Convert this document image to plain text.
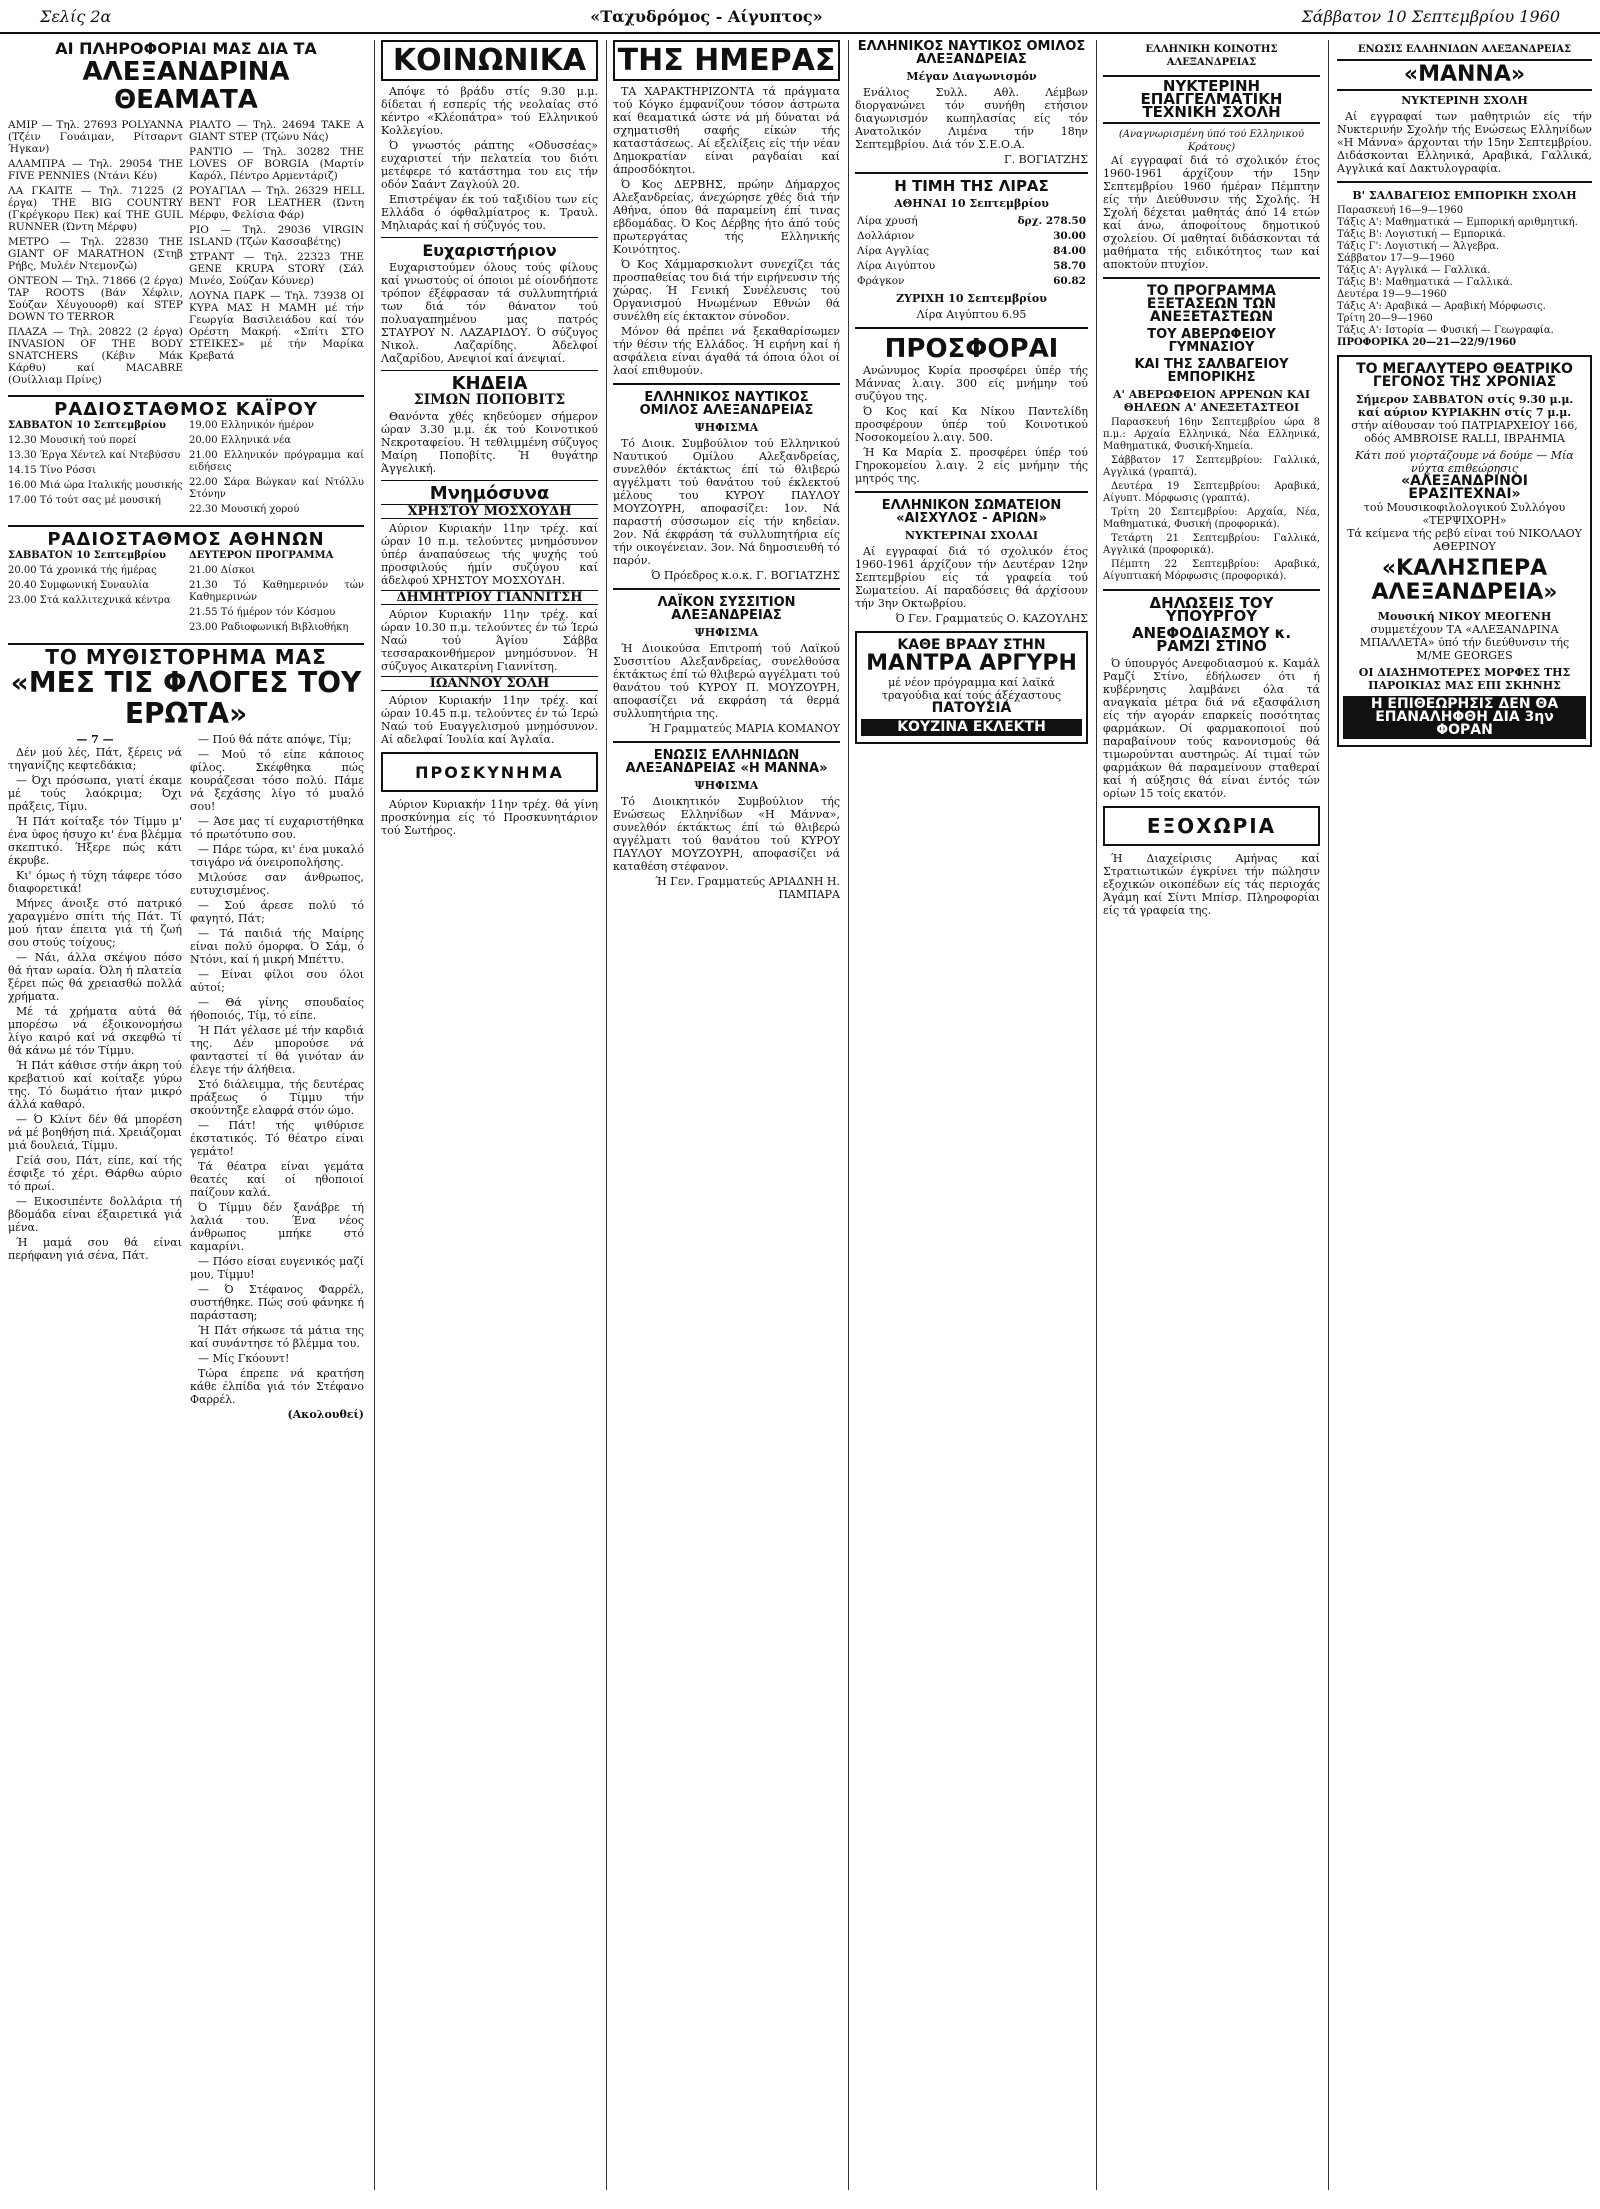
Σελίς 2α	«Ταχυδρόμος - Αίγυπτος»	Σάββατον 10 Σεπτεμβρίου 1960
ΑΙ ΠΛΗΡΟΦΟΡΙΑΙ ΜΑΣ ΔΙΑ ΤΑ
ΑΛΕΞΑΝΔΡΙΝΑ ΘΕΑΜΑΤΑ

ΑΜΙΡ — Τηλ. 27693 POLYANNA (Τζέιν Γουάιμαν, Ρίτσαρντ Ήγκαν)

ΑΛΑΜΠΡΑ — Τηλ. 29054 THE FIVE PENNIES (Ντάνι Κέυ)

ΛΑ ΓΚΑΙΤΕ — Τηλ. 71225 (2 έργα) THE BIG COUNTRY (Γκρέγκορυ Πεκ) καί THE GUIL RUNNER (Ώντη Μέρφυ)

ΜΕΤΡΟ — Τηλ. 22830 THE GIANT OF MARATHON (Στηβ Ρήβς, Μυλέν Ντεμονζώ)

ΟΝΤΕΟΝ — Τηλ. 71866 (2 έργα) TAP ROOTS (Βάν Χέφλιν, Σούζαν Χέυγουορθ) καί STEP DOWN TO TERROR

ΠΛΑΖΑ — Τηλ. 20822 (2 έργα) INVASION OF THE BODY SNATCHERS (Κέβιν Μάκ Κάρθυ) καί MACABRE (Ουίλλιαμ Πρίνς)

ΡΙΑΛΤΟ — Τηλ. 24694 TAKE A GIANT STEP (Τζώνυ Νάς)

ΡΑΝΤΙΟ — Τηλ. 30282 THE LOVES OF BORGIA (Μαρτίν Καρόλ, Πέντρο Αρμεντάριζ)

ΡΟΥΑΓΙΑΛ — Τηλ. 26329 HELL BENT FOR LEATHER (Ώντη Μέρφυ, Φελίσια Φάρ)

ΡΙΟ — Τηλ. 29036 VIRGIN ISLAND (Τζών Κασσαβέτης)

ΣΤΡΑΝΤ — Τηλ. 22323 THE GENE KRUPA STORY (Σάλ Μινέο, Σούζαν Κόυνερ)

ΛΟΥΝΑ ΠΑΡΚ — Τηλ. 73938 ΟΙ ΚΥΡΑ ΜΑΣ Η ΜΑΜΗ μέ τήν Γεωργία Βασιλειάδου καί τόν Ορέστη Μακρή. «Σπίτι ΣΤΟ ΣΤΕΙΚΕΣ» μέ τήν Μαρίκα Κρεβατά

ΡΑΔΙΟΣΤΑΘΜΟΣ ΚΑΪΡΟΥ

ΣΑΒΒΑΤΟΝ 10 Σεπτεμβρίου

12.30 Μουσική τού πορεί

13.30 Έργα Χέντελ καί Ντεβύσσυ

14.15 Τίνο Ρόσσι

16.00 Μιά ώρα Ιταλικής μουσικής

17.00 Τό τούτ σας μέ μουσική

19.00 Ελληνικόν ήμέρον

20.00 Ελληνικά νέα

21.00 Ελληνικόν πρόγραμμα καί ειδήσεις

22.00 Σάρα Βώγκαν καί Ντόλλυ Στόνην

22.30 Μουσική χορού

ΡΑΔΙΟΣΤΑΘΜΟΣ ΑΘΗΝΩΝ

ΣΑΒΒΑΤΟΝ 10 Σεπτεμβρίου

20.00 Τά χρονικά τής ήμέρας

20.40 Συμφωνική Συναυλία

23.00 Στά καλλιτεχνικά κέντρα

ΔΕΥΤΕΡΟΝ ΠΡΟΓΡΑΜΜΑ

21.00 Δίσκοι

21.30 Τό Καθημερινόν τών Καθημερινών

21.55 Τό ήμέρον τόν Κόσμου

23.00 Ραδιοφωνική Βιβλιοθήκη

ΤΟ ΜΥΘΙΣΤΟΡΗΜΑ ΜΑΣ
«ΜΕΣ ΤΙΣ ΦΛΟΓΕΣ ΤΟΥ ΕΡΩΤΑ»
— 7 —

Δέν μού λές, Πάτ, ξέρεις νά τηγανίζης κεφτεδάκια;

— Όχι πρόσωπα, γιατί έκαμε μέ τούς λαόκριμα; Όχι πράξεις, Τίμυ.

Ή Πάτ κοίταξε τόν Τίμμυ μ' ένα ύφος ήσυχο κι' ένα βλέμμα σκεπτικό. Ήξερε πώς κάτι έκρυβε.

Κι' όμως ή τύχη τάφερε τόσο διαφορετικά!

Μήνες άνοιξε στό πατρικό χαραγμένο σπίτι τής Πάτ. Τί μού ήταν έπειτα γιά τή ζωή σου στούς τοίχους;

— Νάι, άλλα σκέψου πόσο θά ήταν ωραία. Όλη ή πλατεία ξέρει πώς θά χρειασθώ πολλά χρήματα.

Μέ τά χρήματα αύτά θά μπορέσω νά έξοικονομήσω λίγο καιρό καί νά σκεφθώ τί θά κάνω μέ τόν Τίμμυ.

Ή Πάτ κάθισε στήν άκρη τού κρεβατιού καί κοίταξε γύρω της. Τό δωμάτιο ήταν μικρό άλλά καθαρό.

— Ό Κλίντ δέν θά μπορέση νά μέ βοηθήση πιά. Χρειάζομαι μιά δουλειά, Τίμμυ.

Γείά σου, Πάτ, είπε, καί τής έσφιξε τό χέρι. Θάρθω αύριο τό πρωί.

— Εικοσιπέντε δολλάρια τή βδομάδα είναι έξαιρετικά γιά μένα.

Ή μαμά σου θά είναι περήφανη γιά σένα, Πάτ.

— Πού θά πάτε απόψε, Τίμ;

— Μού τό είπε κάποιος φίλος. Σκέφθηκα πώς κουράζεσαι τόσο πολύ. Πάμε νά ξεχάσης λίγο τό μυαλό σου!

— Άσε μας τί ευχαριστήθηκα τό πρωτότυπο σου.

— Πάρε τώρα, κι' ένα μυκαλό τσιγάρο νά όνειροπολήσης.

Μιλούσε σαν άνθρωπος, ευτυχισμένος.

— Σού άρεσε πολύ τό φαγητό, Πάτ;

— Τά παιδιά τής Μαίρης είναι πολύ όμορφα. Ό Σάμ, ό Ντόνι, καί ή μικρή Μπέττυ.

— Είναι φίλοι σου όλοι αύτοί;

— Θά γίνης σπουδαίος ήθοποιός, Τίμ, τό είπε.

Ή Πάτ γέλασε μέ τήν καρδιά της. Δέν μπορούσε νά φανταστεί τί θά γινόταν άν έλεγε τήν άλήθεια.

Στό διάλειμμα, τής δευτέρας πράξεως ό Τίμμυ τήν σκούντηξε ελαφρά στόν ώμο.

— Πάτ! τής ψιθύρισε έκστατικός. Τό θέατρο είναι γεμάτο!

Τά θέατρα είναι γεμάτα θεατές καί οί ηθοποιοί παίζουν καλά.

Ό Τίμμυ δέν ξανάβρε τή λαλιά του. Ένα νέος άνθρωπος μπήκε στό καμαρίνι.

— Πόσο είσαι ευγενικός μαζί μου, Τίμμυ!

— Ό Στέφανος Φαρρέλ, συστήθηκε. Πώς σού φάνηκε ή παράσταση;

Ή Πάτ σήκωσε τά μάτια της καί συνάντησε τό βλέμμα του.

— Μίς Γκόουντ!

Τώρα έπρεπε νά κρατήση κάθε έλπίδα γιά τόν Στέφανο Φαρρέλ.

(Ακολουθεί)

ΚΟΙΝΩΝΙΚΑ

Απόψε τό βράδυ στίς 9.30 μ.μ. δίδεται ή εσπερίς τής νεολαίας στό κέντρο «Κλέοπάτρα» τού Ελληνικού Κολλεγίου.

Ό γνωστός ράπτης «Οδυσσέας» ευχαριστεί τήν πελατεία του διότι μετέφερε τό κατάστημα του εις τήν οδόν Σαάντ Ζαγλούλ 20.

Επιστρέψαν έκ τού ταξιδίου των είς Ελλάδα ό όφθαλμίατρος κ. Τραυλ. Μηλιαράς καί ή σύζυγός του.

Ευχαριστήριον

Ευχαριστούμεν όλους τούς φίλους καί γνωστούς οί όποιοι μέ οίονδήποτε τρόπον έξέφρασαν τά συλλυπητήριά των διά τόν θάνατον τού πολυαγαπημένου μας πατρός ΣΤΑΥΡΟΥ Ν. ΛΑΖΑΡΙΔΟΥ. Ό σύζυγος Νικολ. Λαζαρίδης. Άδελφοί Λαζαρίδου, Ανεψιοί καί άνεψιαί.

ΚΗΔΕΙΑ
ΣΙΜΩΝ ΠΟΠΟΒΙΤΣ

Θανόντα χθές κηδεύομεν σήμερον ώραν 3.30 μ.μ. έκ τού Κοινοτικού Νεκροταφείου. Ή τεθλιμμένη σύζυγος Μαίρη Ποποβίτς. Ή θυγάτηρ Άγγελική.

Μνημόσυνα
ΧΡΗΣΤΟΥ ΜΟΣΧΟΥΔΗ

Αύριον Κυριακήν 11ην τρέχ. καί ώραν 10 π.μ. τελούντες μνημόσυνον ύπέρ άναπαύσεως τής ψυχής τού προσφιλούς ήμίν συζύγου καί άδελφού ΧΡΗΣΤΟΥ ΜΟΣΧΟΥΔΗ.

ΔΗΜΗΤΡΙΟΥ ΓΙΑΝΝΙΤΣΗ

Αύριον Κυριακήν 11ην τρέχ. καί ώραν 10.30 π.μ. τελούντες έν τώ Ίερώ Ναώ τού Άγίου Σάββα τεσσαρακονθήμερον μνημόσυνον. Ή σύζυγος Αικατερίνη Γιαννίτση.

ΙΩΑΝΝΟΥ ΣΟΛΗ

Αύριον Κυριακήν 11ην τρέχ. καί ώραν 10.45 π.μ. τελούντες έν τώ Ίερώ Ναώ τού Ευαγγελισμού μνημόσυνον. Αί αδελφαί Ίουλία καί Άγλαΐα.

ΠΡΟΣΚΥΝΗΜΑ

Αύριον Κυριακήν 11ην τρέχ. θά γίνη προσκύνημα είς τό Προσκυνητάριον τού Σωτήρος.

ΤΗΣ ΗΜΕΡΑΣ

ΤΑ ΧΑΡΑΚΤΗΡΙΖΟΝΤΑ τά πράγματα τού Κόγκο έμφανίζουν τόσον άστρωτα καί θεαματικά ώστε νά μή δύναται νά σχηματισθή σαφής είκών τής καταστάσεως. Αί εξελίξεις είς τήν νέαν Δημοκρατίαν είναι ραγδαίαι καί άπροσδόκητοι.

Ό Κος ΔΕΡΒΗΣ, πρώην Δήμαρχος Αλεξανδρείας, άνεχώρησε χθές διά τήν Αθήνα, όπου θά παραμείνη έπί τινας εβδομάδας. Ό Κος Δέρβης ήτο άπό τούς πρωτεργάτας τής Ελληνικής Κοινότητος.

Ό Κος Χάμμαρσκιολντ συνεχίζει τάς προσπαθείας του διά τήν ειρήνευσιν τής χώρας. Ή Γενική Συνέλευσις τού Οργανισμού Ηνωμένων Εθνών θά συνέλθη είς έκτακτον σύνοδον.

Μόνον θά πρέπει νά ξεκαθαρίσωμεν τήν θέσιν τής Ελλάδος. Ή ειρήνη καί ή ασφάλεια είναι άγαθά τά όποια όλοι οί λαοί επιθυμούν.

ΕΛΛΗΝΙΚΟΣ ΝΑΥΤΙΚΟΣ ΟΜΙΛΟΣ ΑΛΕΞΑΝΔΡΕΙΑΣ
ΨΗΦΙΣΜΑ

Τό Διοικ. Συμβούλιον τού Ελληνικού Ναυτικού Ομίλου Αλεξανδρείας, συνελθόν έκτάκτως έπί τώ θλιβερώ αγγέλματι τού θανάτου τού έκλεκτού μέλους του ΚΥΡΟΥ ΠΑΥΛΟΥ ΜΟΥΖΟΥΡΗ, αποφασίζει: 1ον. Νά παραστή σύσσωμον είς τήν κηδείαν. 2ον. Νά έκφράση τά συλλυπητήρια είς τήν οικογένειαν. 3ον. Νά δημοσιευθή τό παρόν.

Ό Πρόεδρος κ.ο.κ. Γ. ΒΟΓΙΑΤΖΗΣ

ΛΑΪΚΟΝ ΣΥΣΣΙΤΙΟΝ ΑΛΕΞΑΝΔΡΕΙΑΣ
ΨΗΦΙΣΜΑ

Ή Διοικούσα Επιτροπή τού Λαϊκού Συσσιτίου Αλεξανδρείας, συνελθούσα έκτάκτως έπί τώ θλιβερώ αγγέλματι τού θανάτου τού ΚΥΡΟΥ Π. ΜΟΥΖΟΥΡΗ, αποφασίζει νά εκφράση τά θερμά συλλυπητήρια της.

Ή Γραμματεύς ΜΑΡΙΑ ΚΟΜΑΝΟΥ

ΕΝΩΣΙΣ ΕΛΛΗΝΙΔΩΝ ΑΛΕΞΑΝΔΡΕΙΑΣ «Η ΜΑΝΝΑ»
ΨΗΦΙΣΜΑ

Τό Διοικητικόν Συμβούλιον τής Ενώσεως Ελληνίδων «Η Μάννα», συνελθόν έκτάκτως έπί τώ θλιβερώ αγγέλματι τού θανάτου τού ΚΥΡΟΥ ΠΑΥΛΟΥ ΜΟΥΖΟΥΡΗ, αποφασίζει νά καταθέση στέφανον.

Ή Γεν. Γραμματεύς ΑΡΙΑΔΝΗ Η. ΠΑΜΠΑΡΑ

ΕΛΛΗΝΙΚΟΣ ΝΑΥΤΙΚΟΣ ΟΜΙΛΟΣ ΑΛΕΞΑΝΔΡΕΙΑΣ
Μέγαν Διαγωνισμόν

Ενάλιος Συλλ. Αθλ. Λέμβων διοργανώνει τόν συνήθη ετήσιον διαγωνισμόν κωπηλασίας είς τόν Ανατολικόν Λιμένα τήν 18ην Σεπτεμβρίου. Διά τόν Σ.Ε.Ο.Α.

Γ. ΒΟΓΙΑΤΖΗΣ

Η ΤΙΜΗ ΤΗΣ ΛΙΡΑΣ
ΑΘΗΝΑΙ 10 Σεπτεμβρίου
Λίρα χρυσή	δρχ. 278.50
Δολλάριον	30.00
Λίρα Αγγλίας	84.00
Λίρα Αιγύπτου	58.70
Φράγκον	60.82
ΖΥΡΙΧΗ 10 Σεπτεμβρίου

Λίρα Αιγύπτου 6.95

ΠΡΟΣΦΟΡΑΙ

Ανώνυμος Κυρία προσφέρει ύπέρ τής Μάννας λ.αιγ. 300 είς μνήμην τού συζύγου της.

Ό Κος καί Κα Νίκου Παντελίδη προσφέρουν ύπέρ τού Κοινοτικού Νοσοκομείου λ.αιγ. 500.

Ή Κα Μαρία Σ. προσφέρει ύπέρ τού Γηροκομείου λ.αιγ. 2 είς μνήμην τής μητρός της.

ΕΛΛΗΝΙΚΟΝ ΣΩΜΑΤΕΙΟΝ «ΑΙΣΧΥΛΟΣ - ΑΡΙΩΝ»
ΝΥΚΤΕΡΙΝΑΙ ΣΧΟΛΑΙ

Αί εγγραφαί διά τό σχολικόν έτος 1960-1961 άρχίζουν τήν Δευτέραν 12ην Σεπτεμβρίου είς τά γραφεία τού Σωματείου. Αί παραδόσεις θά άρχίσουν τήν 3ην Οκτωβρίου.

Ό Γεν. Γραμματεύς Ο. ΚΑΖΟΥΛΗΣ

ΚΑΘΕ ΒΡΑΔΥ ΣΤΗΝ
ΜΑΝΤΡΑ ΑΡΓΥΡΗ
μέ νέον πρόγραμμα καί λαϊκά τραγούδια καί τούς άξέχαστους
ΠΑΤΟΥΣΙΑ
ΚΟΥΖΙΝΑ ΕΚΛΕΚΤΗ
ΕΛΛΗΝΙΚΗ ΚΟΙΝΟΤΗΣ ΑΛΕΞΑΝΔΡΕΙΑΣ
ΝΥΚΤΕΡΙΝΗ ΕΠΑΓΓΕΛΜΑΤΙΚΗ ΤΕΧΝΙΚΗ ΣΧΟΛΗ
(Αναγνωρισμένη ύπό τού Ελληνικού Κράτους)

Αί εγγραφαί διά τό σχολικόν έτος 1960-1961 άρχίζουν τήν 15ην Σεπτεμβρίου 1960 ήμέραν Πέμπτην είς τήν Διεύθυνσιν τής Σχολής. Ή Σχολή δέχεται μαθητάς άπό 14 ετών καί άνω, άποφοίτους δημοτικού σχολείου. Οί μαθηταί διδάσκονται τά μαθήματα τής ειδικότητος των καί αποκτούν πτυχίον.

ΤΟ ΠΡΟΓΡΑΜΜΑ ΕΞΕΤΑΣΕΩΝ ΤΩΝ ΑΝΕΞΕΤΑΣΤΕΩΝ
ΤΟΥ ΑΒΕΡΩΦΕΙΟΥ ΓΥΜΝΑΣΙΟΥ
ΚΑΙ ΤΗΣ ΣΑΛΒΑΓΕΙΟΥ ΕΜΠΟΡΙΚΗΣ
Α' ΑΒΕΡΩΦΕΙΟΝ ΑΡΡΕΝΩΝ ΚΑΙ ΘΗΛΕΩΝ Α' ΑΝΕΞΕΤΑΣΤΕΟΙ

Παρασκευή 16ην Σεπτεμβρίου ώρα 8 π.μ.: Αρχαία Ελληνικά, Νέα Ελληνικά, Μαθηματικά, Φυσική-Χημεία.

Σάββατον 17 Σεπτεμβρίου: Γαλλικά, Αγγλικά (γραπτά).

Δευτέρα 19 Σεπτεμβρίου: Αραβικά, Αίγυπτ. Μόρφωσις (γραπτά).

Τρίτη 20 Σεπτεμβρίου: Αρχαία, Νέα, Μαθηματικά, Φυσική (προφορικά).

Τετάρτη 21 Σεπτεμβρίου: Γαλλικά, Αγγλικά (προφορικά).

Πέμπτη 22 Σεπτεμβρίου: Αραβικά, Αίγυπτιακή Μόρφωσις (προφορικά).

ΔΗΛΩΣΕΙΣ ΤΟΥ ΥΠΟΥΡΓΟΥ
ΑΝΕΦΟΔΙΑΣΜΟΥ κ. ΡΑΜΖΙ ΣΤΙΝΟ

Ό ύπουργός Ανεφοδιασμού κ. Καμάλ Ραμζί Στίνο, έδήλωσεν ότι ή κυβέρνησις λαμβάνει όλα τά αναγκαία μέτρα διά νά εξασφάλιση είς τήν αγοράν επαρκείς ποσότητας φαρμάκων. Οί φαρμακοποιοί πού παραβαίνουν τούς κανονισμούς θά τιμωρούνται αυστηρώς. Αί τιμαί τών φαρμάκων θά παραμείνουν σταθεραί καί ή αύξησις θά είναι έντός τών ορίων 15 τοίς εκατόν.

ΕΞΟΧΩΡΙΑ

Ή Διαχείρισις Αμήνας καί Στρατιωτικών έγκρίνει τήν πώλησιν εξοχικών οικοπέδων είς τάς περιοχάς Άγάμη καί Σίντι Μπίσρ. Πληροφορίαι είς τά γραφεία της.

ΕΝΩΣΙΣ ΕΛΛΗΝΙΔΩΝ ΑΛΕΞΑΝΔΡΕΙΑΣ
«ΜΑΝΝΑ»
ΝΥΚΤΕΡΙΝΗ ΣΧΟΛΗ

Αί εγγραφαί των μαθητριών είς τήν Νυκτερινήν Σχολήν τής Ενώσεως Ελληνίδων «Η Μάννα» άρχονται τήν 15ην Σεπτεμβρίου. Διδάσκονται Ελληνικά, Αραβικά, Γαλλικά, Αγγλικά καί Δακτυλογραφία.

Β' ΣΑΛΒΑΓΕΙΟΣ ΕΜΠΟΡΙΚΗ ΣΧΟΛΗ

Παρασκευή 16—9—1960

Τάξις Α': Μαθηματικά — Εμπορική αριθμητική.

Τάξις Β': Λογιστική — Εμπορικά.

Τάξις Γ': Λογιστική — Άλγεβρα.

Σάββατον 17—9—1960

Τάξις Α': Αγγλικά — Γαλλικά.

Τάξις Β': Μαθηματικά — Γαλλικά.

Δευτέρα 19—9—1960

Τάξις Α': Αραβικά — Αραβική Μόρφωσις.

Τρίτη 20—9—1960

Τάξις Α': Ιστορία — Φυσική — Γεωγραφία.

ΠΡΟΦΟΡΙΚΑ 20—21—22/9/1960

ΤΟ ΜΕΓΑΛΥΤΕΡΟ ΘΕΑΤΡΙΚΟ ΓΕΓΟΝΟΣ ΤΗΣ ΧΡΟΝΙΑΣ
Σήμερον ΣΑΒΒΑΤΟΝ στίς 9.30 μ.μ. καί αύριον ΚΥΡΙΑΚΗΝ στίς 7 μ.μ.
στήν αίθουσαν τού ΠΑΤΡΙΑΡΧΕΙΟΥ 166, οδός AMBROISE RALLI, ΙΒΡΑΗΜΙΑ
Κάτι πού γιορτάζουμε νά δούμε — Μία νύχτα επιθεώρησις
«ΑΛΕΞΑΝΔΡΙΝΟΙ ΕΡΑΣΙΤΕΧΝΑΙ»
τού Μουσικοφιλολογικού Συλλόγου «ΤΕΡΨΙΧΟΡΗ»
Τά κείμενα τής ρεβύ είναι τού ΝΙΚΟΛΑΟΥ ΑΘΕΡΙΝΟΥ
«ΚΑΛΗΣΠΕΡΑ ΑΛΕΞΑΝΔΡΕΙΑ»
Μουσική ΝΙΚΟΥ ΜΕΟΓΕΝΗ
συμμετέχουν ΤΑ «ΑΛΕΞΑΝΔΡΙΝΑ ΜΠΑΛΛΕΤΑ» ύπό τήν διεύθυνσιν τής M/ME GEORGES
ΟΙ ΔΙΑΣΗΜΟΤΕΡΕΣ ΜΟΡΦΕΣ ΤΗΣ ΠΑΡΟΙΚΙΑΣ ΜΑΣ ΕΠΙ ΣΚΗΝΗΣ
Η ΕΠΙΘΕΩΡΗΣΙΣ ΔΕΝ ΘΑ ΕΠΑΝΑΛΗΦΘΗ ΔΙΑ 3ην ΦΟΡΑΝ
